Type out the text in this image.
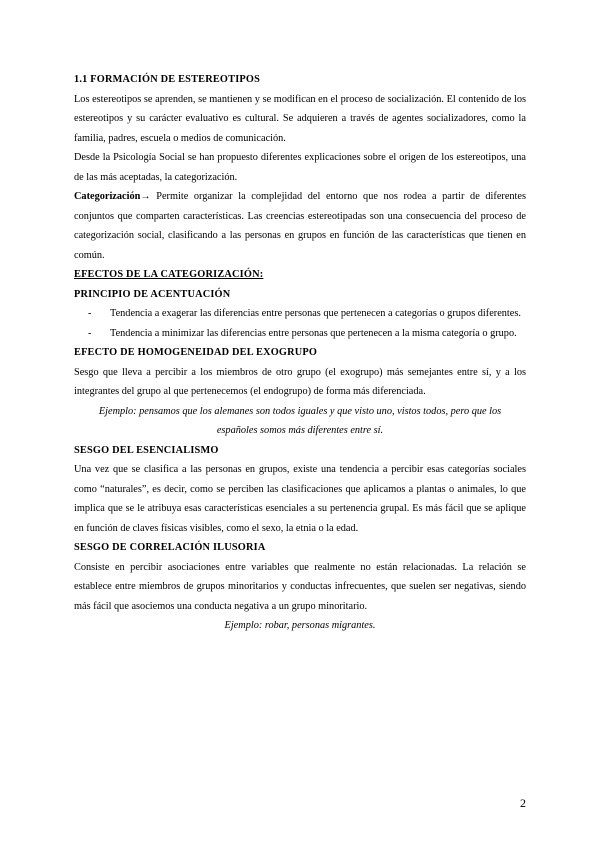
1.1 FORMACIÓN DE ESTEREOTIPOS

Los estereotipos se aprenden, se mantienen y se modifican en el proceso de socialización. El contenido de los estereotipos y su carácter evaluativo es cultural. Se adquieren a través de agentes socializadores, como la familia, padres, escuela o medios de comunicación.

Desde la Psicología Social se han propuesto diferentes explicaciones sobre el origen de los estereotipos, una de las más aceptadas, la categorización.

Categorización→ Permite organizar la complejidad del entorno que nos rodea a partir de diferentes conjuntos que comparten características. Las creencias estereotipadas son una consecuencia del proceso de categorización social, clasificando a las personas en grupos en función de las características que tienen en común.

EFECTOS DE LA CATEGORIZACIÓN:

PRINCIPIO DE ACENTUACIÓN

- Tendencia a exagerar las diferencias entre personas que pertenecen a categorías o grupos diferentes.
- Tendencia a minimizar las diferencias entre personas que pertenecen a la misma categoría o grupo.

EFECTO DE HOMOGENEIDAD DEL EXOGRUPO

Sesgo que lleva a percibir a los miembros de otro grupo (el exogrupo) más semejantes entre sí, y a los integrantes del grupo al que pertenecemos (el endogrupo) de forma más diferenciada.

Ejemplo: pensamos que los alemanes son todos iguales y que visto uno, vistos todos, pero que los españoles somos más diferentes entre sí.

SESGO DEL ESENCIALISMO

Una vez que se clasifica a las personas en grupos, existe una tendencia a percibir esas categorías sociales como “naturales”, es decir, como se perciben las clasificaciones que aplicamos a plantas o animales, lo que implica que se le atribuya esas características esenciales a su pertenencia grupal. Es más fácil que se aplique en función de claves físicas visibles, como el sexo, la etnia o la edad.

SESGO DE CORRELACIÓN ILUSORIA

Consiste en percibir asociaciones entre variables que realmente no están relacionadas. La relación se establece entre miembros de grupos minoritarios y conductas infrecuentes, que suelen ser negativas, siendo más fácil que asociemos una conducta negativa a un grupo minoritario.

Ejemplo: robar, personas migrantes.

2
